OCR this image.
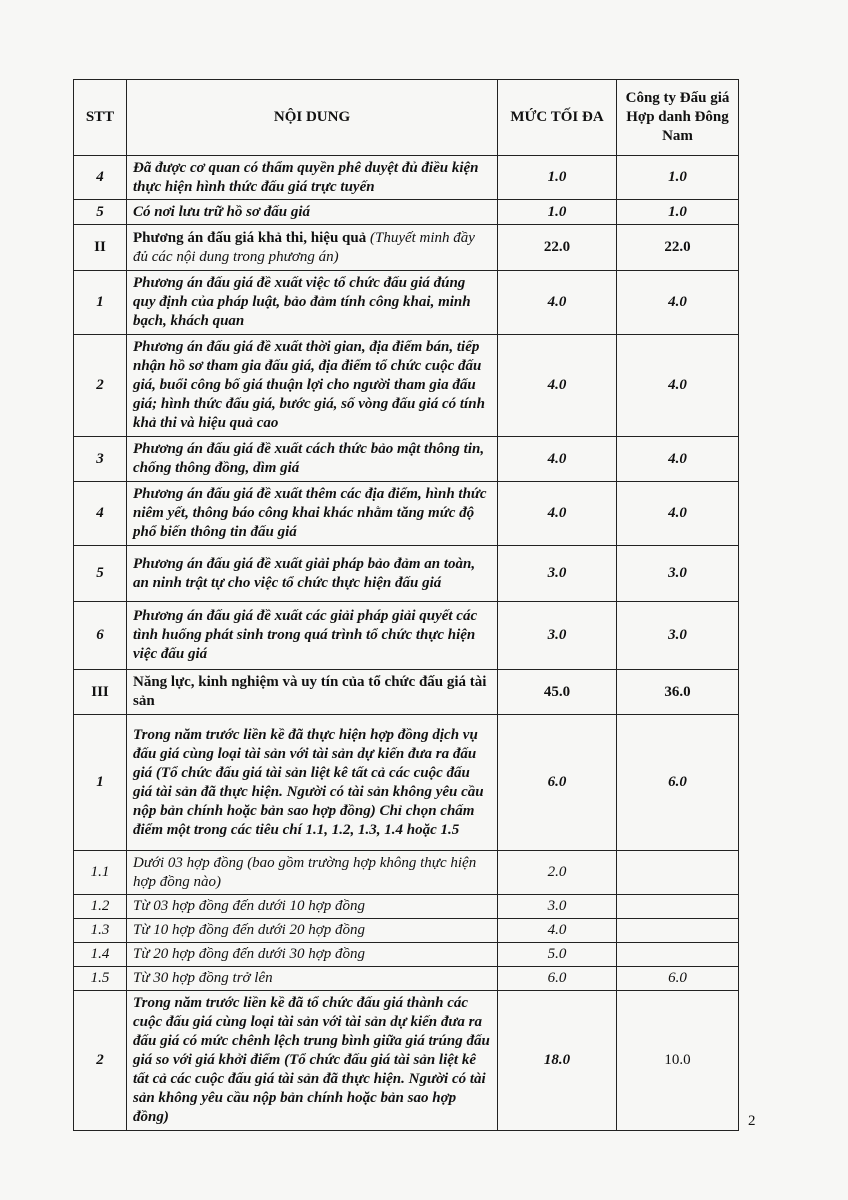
STT	NỘI DUNG	MỨC TỐI ĐA	Công ty Đấu giá Hợp danh Đông Nam
4	Đã được cơ quan có thẩm quyền phê duyệt đủ điều kiện thực hiện hình thức đấu giá trực tuyến	1.0	1.0
5	Có nơi lưu trữ hồ sơ đấu giá	1.0	1.0
II	Phương án đấu giá khả thi, hiệu quả (Thuyết minh đầy đủ các nội dung trong phương án)	22.0	22.0
1	Phương án đấu giá đề xuất việc tổ chức đấu giá đúng quy định của pháp luật, bảo đảm tính công khai, minh bạch, khách quan	4.0	4.0
2	Phương án đấu giá đề xuất thời gian, địa điểm bán, tiếp nhận hồ sơ tham gia đấu giá, địa điểm tổ chức cuộc đấu giá, buổi công bố giá thuận lợi cho người tham gia đấu giá; hình thức đấu giá, bước giá, số vòng đấu giá có tính khả thi và hiệu quả cao	4.0	4.0
3	Phương án đấu giá đề xuất cách thức bảo mật thông tin, chống thông đồng, dìm giá	4.0	4.0
4	Phương án đấu giá đề xuất thêm các địa điểm, hình thức niêm yết, thông báo công khai khác nhằm tăng mức độ phổ biến thông tin đấu giá	4.0	4.0
5	Phương án đấu giá đề xuất giải pháp bảo đảm an toàn, an ninh trật tự cho việc tổ chức thực hiện đấu giá	3.0	3.0
6	Phương án đấu giá đề xuất các giải pháp giải quyết các tình huống phát sinh trong quá trình tổ chức thực hiện việc đấu giá	3.0	3.0
III	Năng lực, kinh nghiệm và uy tín của tổ chức đấu giá tài sản	45.0	36.0
1	Trong năm trước liền kề đã thực hiện hợp đồng dịch vụ đấu giá cùng loại tài sản với tài sản dự kiến đưa ra đấu giá (Tổ chức đấu giá tài sản liệt kê tất cả các cuộc đấu giá tài sản đã thực hiện. Người có tài sản không yêu cầu nộp bản chính hoặc bản sao hợp đồng) Chỉ chọn chấm điểm một trong các tiêu chí 1.1, 1.2, 1.3, 1.4 hoặc 1.5	6.0	6.0
1.1	Dưới 03 hợp đồng (bao gồm trường hợp không thực hiện hợp đồng nào)	2.0	
1.2	Từ 03 hợp đồng đến dưới 10 hợp đồng	3.0	
1.3	Từ 10 hợp đồng đến dưới 20 hợp đồng	4.0	
1.4	Từ 20 hợp đồng đến dưới 30 hợp đồng	5.0	
1.5	Từ 30 hợp đồng trở lên	6.0	6.0
2	Trong năm trước liền kề đã tổ chức đấu giá thành các cuộc đấu giá cùng loại tài sản với tài sản dự kiến đưa ra đấu giá có mức chênh lệch trung bình giữa giá trúng đấu giá so với giá khởi điểm (Tổ chức đấu giá tài sản liệt kê tất cả các cuộc đấu giá tài sản đã thực hiện. Người có tài sản không yêu cầu nộp bản chính hoặc bản sao hợp đồng)	18.0	10.0
2
